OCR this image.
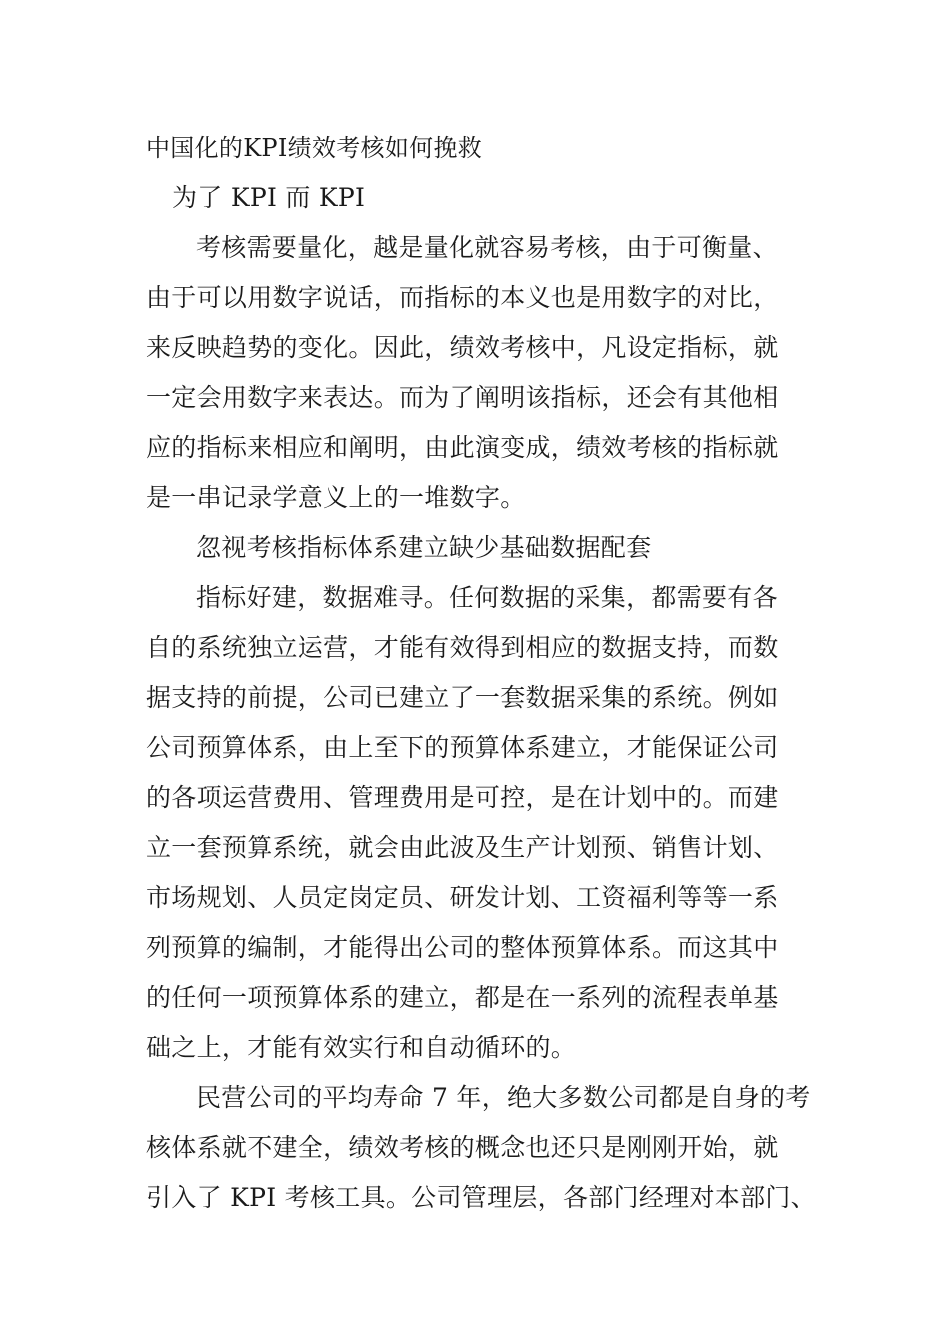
中国化的KPI绩效考核如何挽救
为了 KPI 而 KPI
考核需要量化，越是量化就容易考核，由于可衡量、
由于可以用数字说话，而指标的本义也是用数字的对比，
来反映趋势的变化。因此，绩效考核中，凡设定指标，就
一定会用数字来表达。而为了阐明该指标，还会有其他相
应的指标来相应和阐明，由此演变成，绩效考核的指标就
是一串记录学意义上的一堆数字。
忽视考核指标体系建立缺少基础数据配套
指标好建，数据难寻。任何数据的采集，都需要有各
自的系统独立运营，才能有效得到相应的数据支持，而数
据支持的前提，公司已建立了一套数据采集的系统。例如
公司预算体系，由上至下的预算体系建立，才能保证公司
的各项运营费用、管理费用是可控，是在计划中的。而建
立一套预算系统，就会由此波及生产计划预、销售计划、
市场规划、人员定岗定员、研发计划、工资福利等等一系
列预算的编制，才能得出公司的整体预算体系。而这其中
的任何一项预算体系的建立，都是在一系列的流程表单基
础之上，才能有效实行和自动循环的。
民营公司的平均寿命 7 年，绝大多数公司都是自身的考
核体系就不建全，绩效考核的概念也还只是刚刚开始，就
引入了 KPI 考核工具。公司管理层，各部门经理对本部门、
